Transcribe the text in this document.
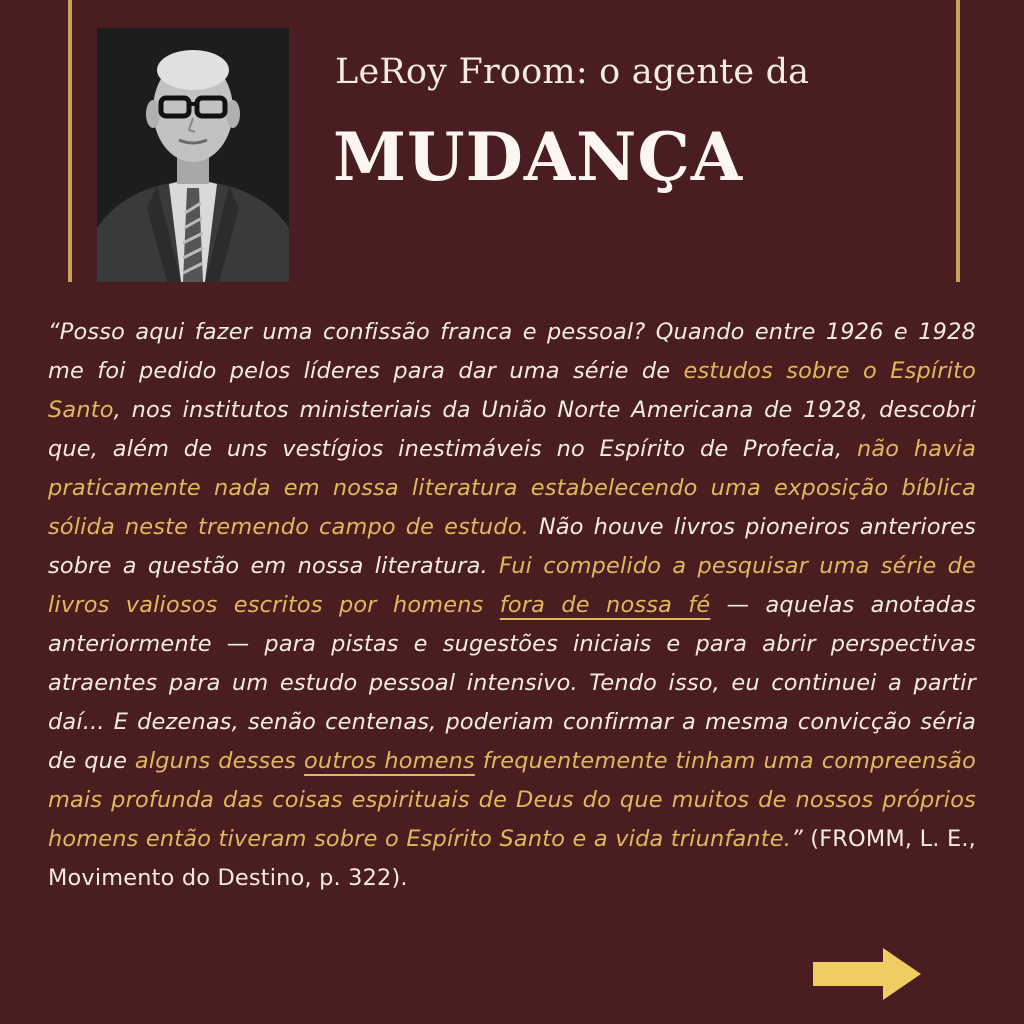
LeRoy Froom: o agente da
MUDANÇA
“Posso aqui fazer uma confissão franca e pessoal? Quando entre 1926 e 1928 me foi pedido pelos líderes para dar uma série de estudos sobre o Espírito Santo, nos institutos ministeriais da União Norte Americana de 1928, descobri que, além de uns vestígios inestimáveis no Espírito de Profecia, não havia praticamente nada em nossa literatura estabelecendo uma exposição bíblica sólida neste tremendo campo de estudo. Não houve livros pioneiros anteriores sobre a questão em nossa literatura. Fui compelido a pesquisar uma série de livros valiosos escritos por homens fora de nossa fé — aquelas anotadas anteriormente — para pistas e sugestões iniciais e para abrir perspectivas atraentes para um estudo pessoal intensivo. Tendo isso, eu continuei a partir daí... E dezenas, senão centenas, poderiam confirmar a mesma convicção séria de que alguns desses outros homens frequentemente tinham uma compreensão mais profunda das coisas espirituais de Deus do que muitos de nossos próprios homens então tiveram sobre o Espírito Santo e a vida triunfante.” (FROMM, L. E., Movimento do Destino, p. 322).
